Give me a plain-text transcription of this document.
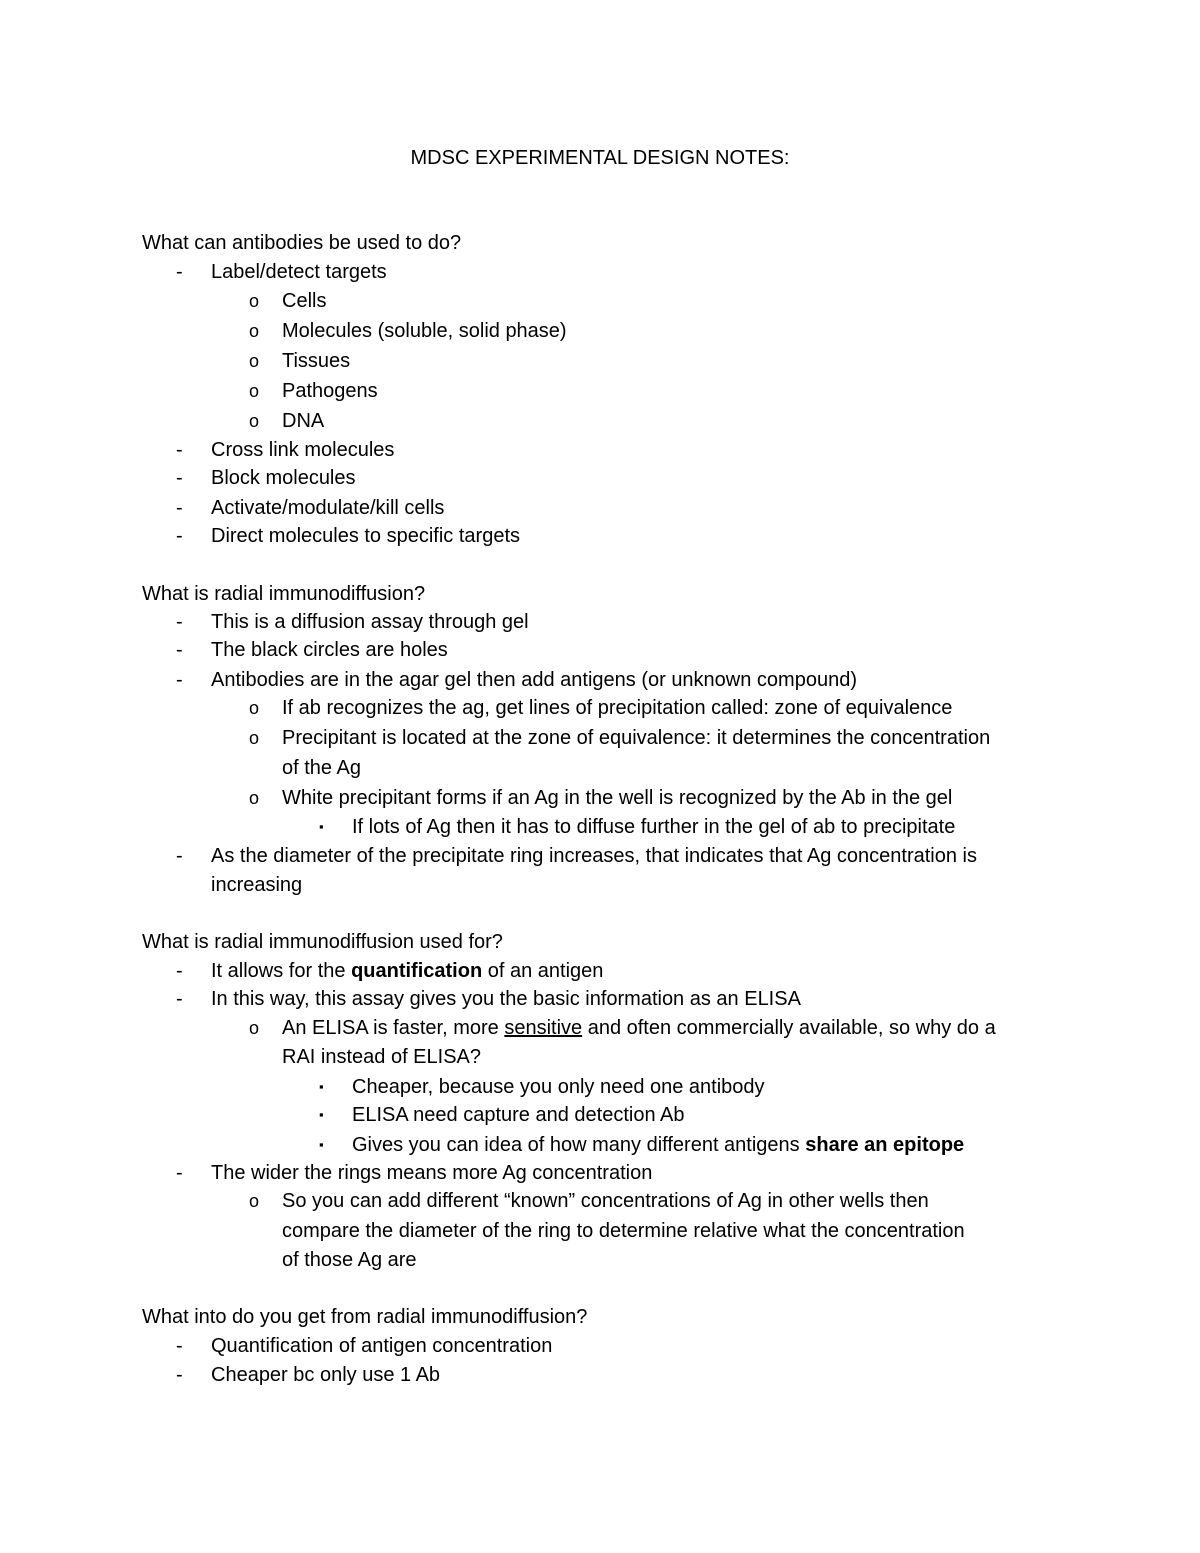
MDSC EXPERIMENTAL DESIGN NOTES:
What can antibodies be used to do?
- Label/detect targets
o Cells
o Molecules (soluble, solid phase)
o Tissues
o Pathogens
o DNA
- Cross link molecules
- Block molecules
- Activate/modulate/kill cells
- Direct molecules to specific targets
What is radial immunodiffusion?
- This is a diffusion assay through gel
- The black circles are holes
- Antibodies are in the agar gel then add antigens (or unknown compound)
o If ab recognizes the ag, get lines of precipitation called: zone of equivalence
o Precipitant is located at the zone of equivalence: it determines the concentration
of the Ag
o White precipitant forms if an Ag in the well is recognized by the Ab in the gel
▪ If lots of Ag then it has to diffuse further in the gel of ab to precipitate
- As the diameter of the precipitate ring increases, that indicates that Ag concentration is
increasing
What is radial immunodiffusion used for?
- It allows for the quantification of an antigen
- In this way, this assay gives you the basic information as an ELISA
o An ELISA is faster, more sensitive and often commercially available, so why do a
RAI instead of ELISA?
▪ Cheaper, because you only need one antibody
▪ ELISA need capture and detection Ab
▪ Gives you can idea of how many different antigens share an epitope
- The wider the rings means more Ag concentration
o So you can add different “known” concentrations of Ag in other wells then
compare the diameter of the ring to determine relative what the concentration
of those Ag are
What into do you get from radial immunodiffusion?
- Quantification of antigen concentration
- Cheaper bc only use 1 Ab
